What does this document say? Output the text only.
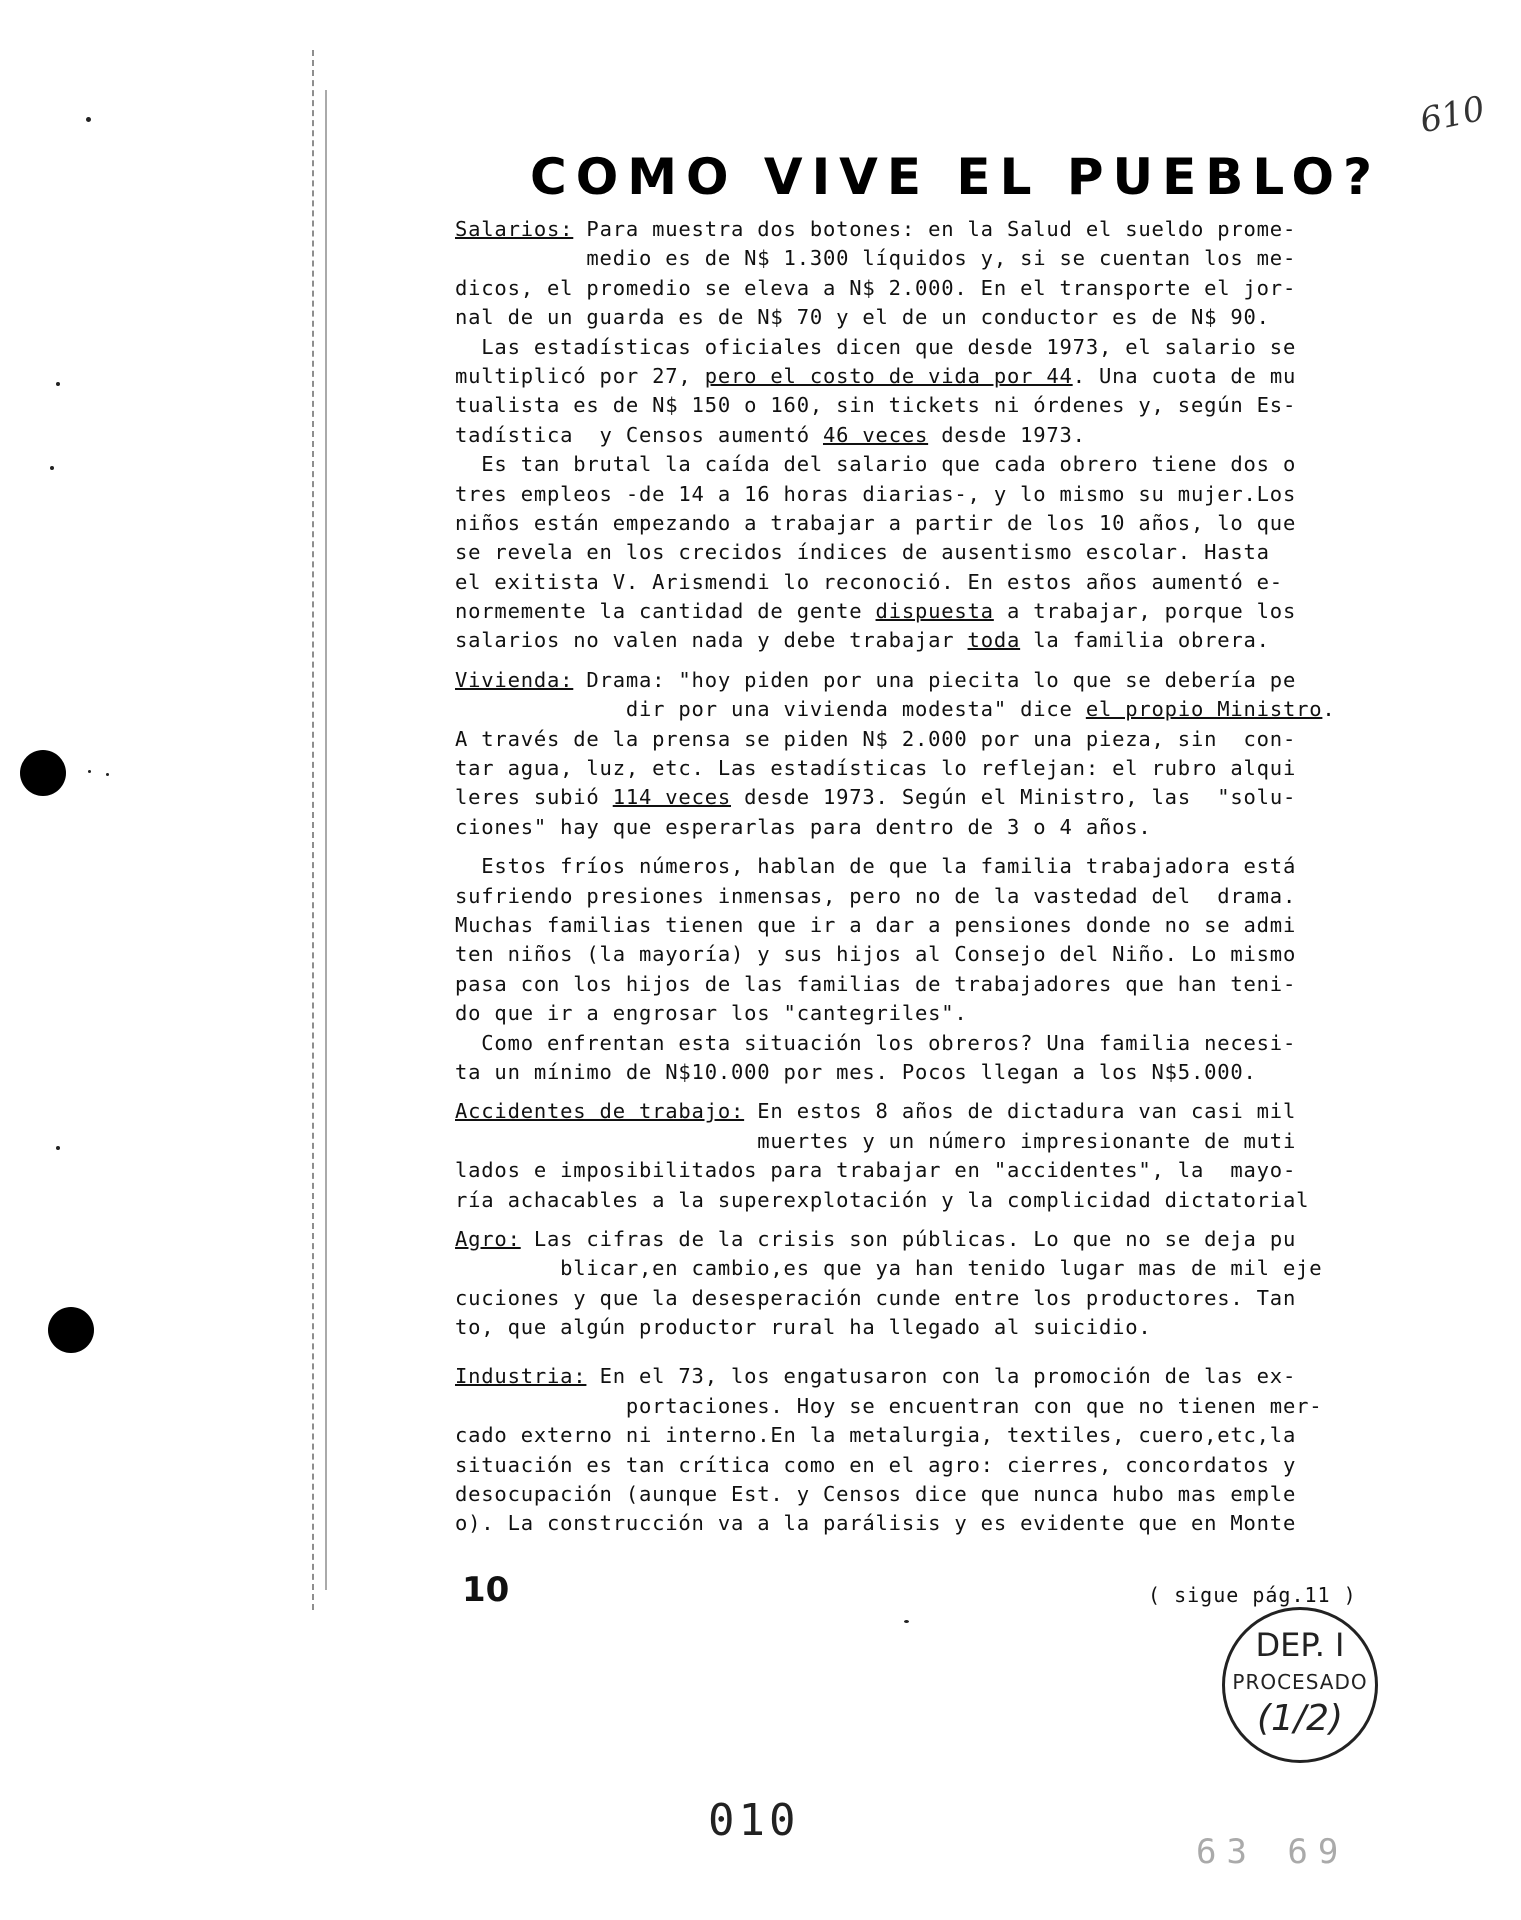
610
COMO VIVE EL PUEBLO?
Salarios: Para muestra dos botones: en la Salud el sueldo prome-
medio es de N$ 1.300 líquidos y, si se cuentan los me-
dicos, el promedio se eleva a N$ 2.000. En el transporte el jor-
nal de un guarda es de N$ 70 y el de un conductor es de N$ 90.
Las estadísticas oficiales dicen que desde 1973, el salario se
multiplicó por 27, pero el costo de vida por 44. Una cuota de mu
tualista es de N$ 150 o 160, sin tickets ni órdenes y, según Es-
tadística  y Censos aumentó 46 veces desde 1973.
Es tan brutal la caída del salario que cada obrero tiene dos o
tres empleos -de 14 a 16 horas diarias-, y lo mismo su mujer.Los
niños están empezando a trabajar a partir de los 10 años, lo que
se revela en los crecidos índices de ausentismo escolar. Hasta
el exitista V. Arismendi lo reconoció. En estos años aumentó e-
normemente la cantidad de gente dispuesta a trabajar, porque los
salarios no valen nada y debe trabajar toda la familia obrera.
Vivienda: Drama: "hoy piden por una piecita lo que se debería pe
dir por una vivienda modesta" dice el propio Ministro.
A través de la prensa se piden N$ 2.000 por una pieza, sin  con-
tar agua, luz, etc. Las estadísticas lo reflejan: el rubro alqui
leres subió 114 veces desde 1973. Según el Ministro, las  "solu-
ciones" hay que esperarlas para dentro de 3 o 4 años.
Estos fríos números, hablan de que la familia trabajadora está
sufriendo presiones inmensas, pero no de la vastedad del  drama.
Muchas familias tienen que ir a dar a pensiones donde no se admi
ten niños (la mayoría) y sus hijos al Consejo del Niño. Lo mismo
pasa con los hijos de las familias de trabajadores que han teni-
do que ir a engrosar los "cantegriles".
Como enfrentan esta situación los obreros? Una familia necesi-
ta un mínimo de N$10.000 por mes. Pocos llegan a los N$5.000.
Accidentes de trabajo: En estos 8 años de dictadura van casi mil
muertes y un número impresionante de muti
lados e imposibilitados para trabajar en "accidentes", la  mayo-
ría achacables a la superexplotación y la complicidad dictatorial
Agro: Las cifras de la crisis son públicas. Lo que no se deja pu
blicar,en cambio,es que ya han tenido lugar mas de mil eje
cuciones y que la desesperación cunde entre los productores. Tan
to, que algún productor rural ha llegado al suicidio.
Industria: En el 73, los engatusaron con la promoción de las ex-
portaciones. Hoy se encuentran con que no tienen mer-
cado externo ni interno.En la metalurgia, textiles, cuero,etc,la
situación es tan crítica como en el agro: cierres, concordatos y
desocupación (aunque Est. y Censos dice que nunca hubo mas emple
o). La construcción va a la parálisis y es evidente que en Monte
10	( sigue pág.11 )
DEP. I
PROCESADO
(1/2)
010
63 69
